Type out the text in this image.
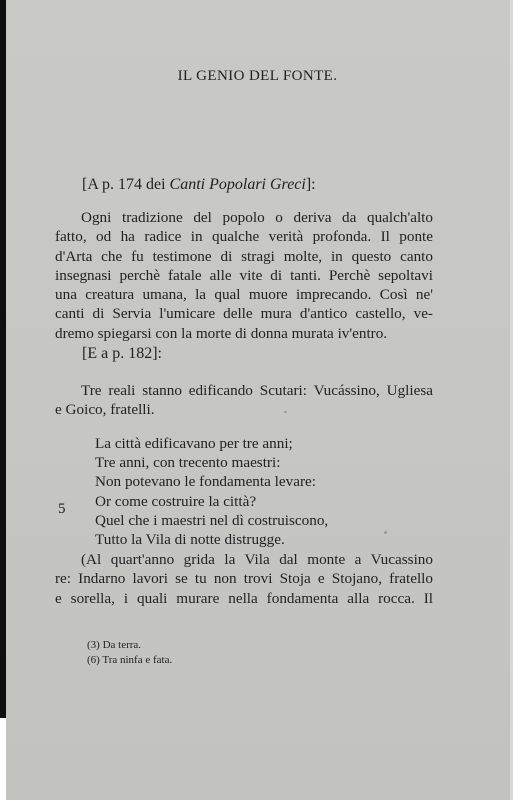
IL GENIO DEL FONTE.
[A p. 174 dei Canti Popolari Greci]:
Ogni tradizione del popolo o deriva da qualch'alto
fatto, od ha radice in qualche verità profonda. Il ponte
d'Arta che fu testimone di stragi molte, in questo canto
insegnasi perchè fatale alle vite di tanti. Perchè sepoltavi
una creatura umana, la qual muore imprecando. Così ne'
canti di Servia l'umicare delle mura d'antico castello, ve-
dremo spiegarsi con la morte di donna murata iv'entro.
[E a p. 182]:
Tre reali stanno edificando Scutari: Vucássino, Ugliesa
e Goico, fratelli.
La città edificavano per tre anni;
Tre anni, con trecento maestri:
Non potevano le fondamenta levare:
Or come costruire la città?
Quel che i maestri nel dì costruiscono,
Tutto la Vila di notte distrugge.
5
(Al quart'anno grida la Vila dal monte a Vucassino
re: Indarno lavori se tu non trovi Stoja e Stojano, fratello
e sorella, i quali murare nella fondamenta alla rocca. Il
(3) Da terra.
(6) Tra ninfa e fata.
